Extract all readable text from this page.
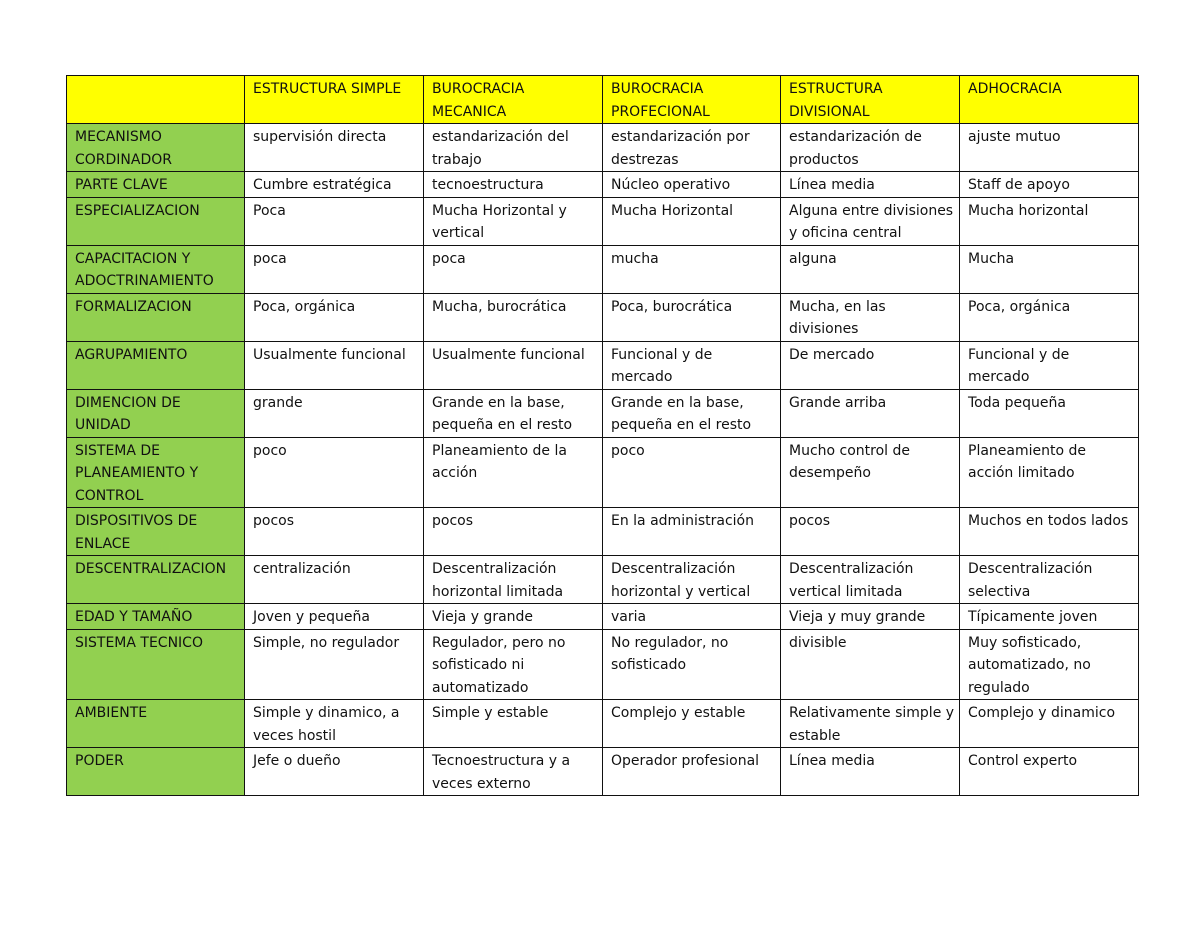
	ESTRUCTURA SIMPLE	BUROCRACIA MECANICA	BUROCRACIA PROFECIONAL	ESTRUCTURA DIVISIONAL	ADHOCRACIA
MECANISMO CORDINADOR	supervisión directa	estandarización del trabajo	estandarización por destrezas	estandarización de productos	ajuste mutuo
PARTE CLAVE	Cumbre estratégica	tecnoestructura	Núcleo operativo	Línea media	Staff de apoyo
ESPECIALIZACION	Poca	Mucha Horizontal y vertical	Mucha Horizontal	Alguna entre divisiones y oficina central	Mucha horizontal
CAPACITACION Y ADOCTRINAMIENTO	poca	poca	mucha	alguna	Mucha
FORMALIZACION	Poca, orgánica	Mucha, burocrática	Poca, burocrática	Mucha, en las divisiones	Poca, orgánica
AGRUPAMIENTO	Usualmente funcional	Usualmente funcional	Funcional y de mercado	De mercado	Funcional y de mercado
DIMENCION DE UNIDAD	grande	Grande en la base, pequeña en el resto	Grande en la base, pequeña en el resto	Grande arriba	Toda pequeña
SISTEMA DE PLANEAMIENTO Y CONTROL	poco	Planeamiento de la acción	poco	Mucho control de desempeño	Planeamiento de acción limitado
DISPOSITIVOS DE ENLACE	pocos	pocos	En la administración	pocos	Muchos en todos lados
DESCENTRALIZACION	centralización	Descentralización horizontal limitada	Descentralización horizontal y vertical	Descentralización vertical limitada	Descentralización selectiva
EDAD Y TAMAÑO	Joven y pequeña	Vieja y grande	varia	Vieja y muy grande	Típicamente joven
SISTEMA TECNICO	Simple, no regulador	Regulador, pero no sofisticado ni automatizado	No regulador, no sofisticado	divisible	Muy sofisticado, automatizado, no regulado
AMBIENTE	Simple y dinamico, a veces hostil	Simple y estable	Complejo y estable	Relativamente simple y estable	Complejo y dinamico
PODER	Jefe o dueño	Tecnoestructura y a veces externo	Operador profesional	Línea media	Control experto
